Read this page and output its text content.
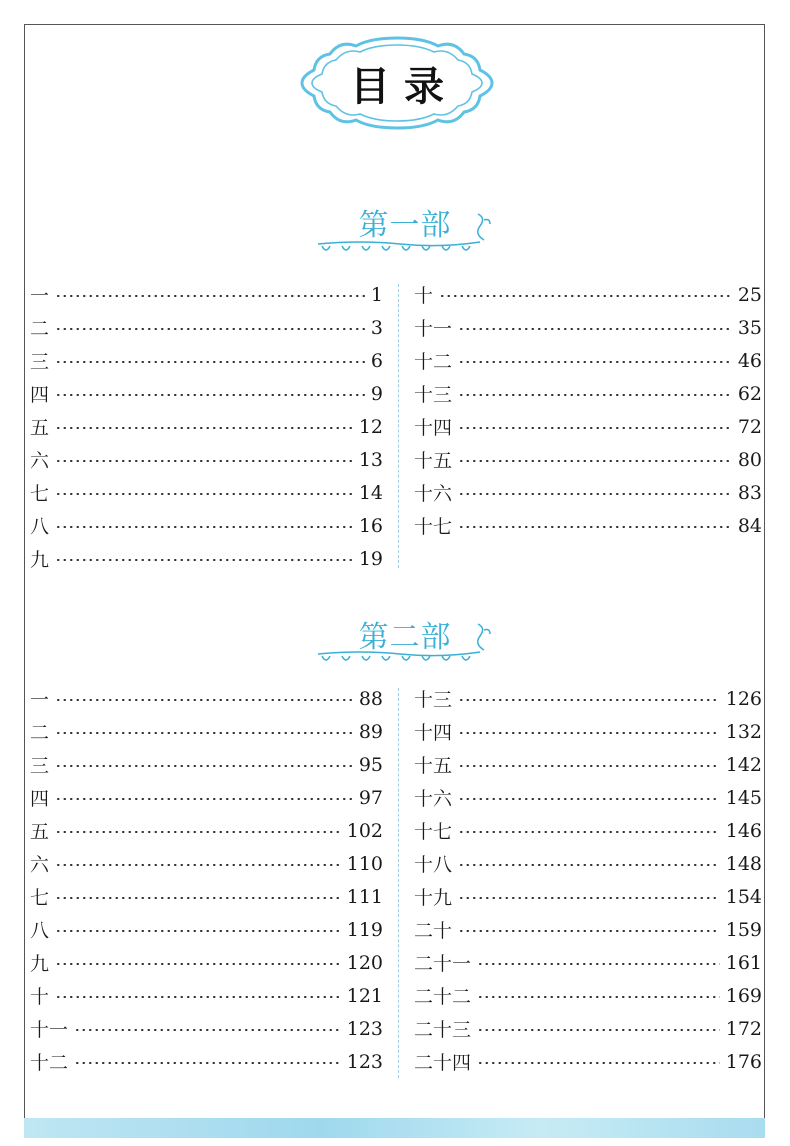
目录
第一部
一	1
二	3
三	6
四	9
五	12
六	13
七	14
八	16
九	19
十	25
十一	35
十二	46
十三	62
十四	72
十五	80
十六	83
十七	84
第二部
一	88
二	89
三	95
四	97
五	102
六	110
七	111
八	119
九	120
十	121
十一	123
十二	123
十三	126
十四	132
十五	142
十六	145
十七	146
十八	148
十九	154
二十	159
二十一	161
二十二	169
二十三	172
二十四	176
